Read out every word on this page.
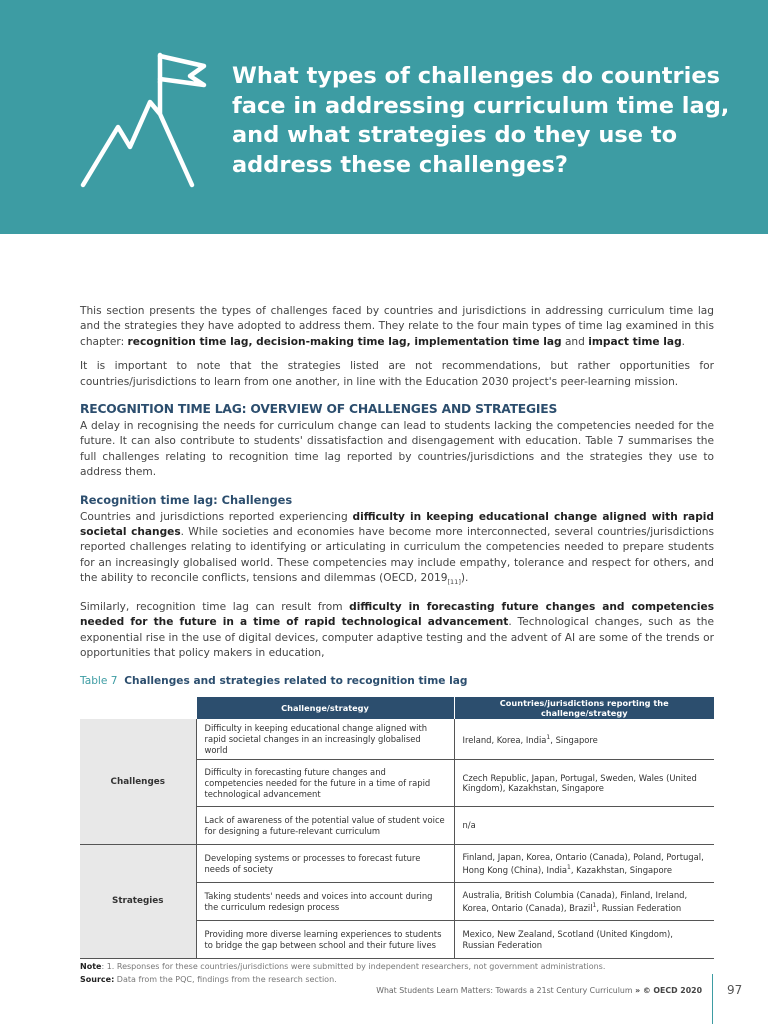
What types of challenges do countries face in addressing curriculum time lag, and what strategies do they use to address these challenges?

This section presents the types of challenges faced by countries and jurisdictions in addressing curriculum time lag and the strategies they have adopted to address them. They relate to the four main types of time lag examined in this chapter: recognition time lag, decision-making time lag, implementation time lag and impact time lag.

It is important to note that the strategies listed are not recommendations, but rather opportunities for countries/jurisdictions to learn from one another, in line with the Education 2030 project's peer-learning mission.

RECOGNITION TIME LAG: OVERVIEW OF CHALLENGES AND STRATEGIES

A delay in recognising the needs for curriculum change can lead to students lacking the competencies needed for the future. It can also contribute to students' dissatisfaction and disengagement with education. Table 7 summarises the full challenges relating to recognition time lag reported by countries/jurisdictions and the strategies they use to address them.

Recognition time lag: Challenges

Countries and jurisdictions reported experiencing difficulty in keeping educational change aligned with rapid societal changes. While societies and economies have become more interconnected, several countries/jurisdictions reported challenges relating to identifying or articulating in curriculum the competencies needed to prepare students for an increasingly globalised world. These competencies may include empathy, tolerance and respect for others, and the ability to reconcile conflicts, tensions and dilemmas (OECD, $2019_{[11]}$).

Similarly, recognition time lag can result from difficulty in forecasting future changes and competencies needed for the future in a time of rapid technological advancement. Technological changes, such as the exponential rise in the use of digital devices, computer adaptive testing and the advent of AI are some of the trends or opportunities that policy makers in education,

Table 7 Challenges and strategies related to recognition time lag

	Challenge/strategy	Countries/jurisdictions reporting the challenge/strategy
Challenges	Difficulty in keeping educational change aligned with rapid societal changes in an increasingly globalised world	Ireland, Korea, India$^1$, Singapore
	Difficulty in forecasting future changes and competencies needed for the future in a time of rapid technological advancement	Czech Republic, Japan, Portugal, Sweden, Wales (United Kingdom), Kazakhstan, Singapore
	Lack of awareness of the potential value of student voice for designing a future-relevant curriculum	n/a
Strategies	Developing systems or processes to forecast future needs of society	Finland, Japan, Korea, Ontario (Canada), Poland, Portugal, Hong Kong (China), India$^1$, Kazakhstan, Singapore
	Taking students' needs and voices into account during the curriculum redesign process	Australia, British Columbia (Canada), Finland, Ireland, Korea, Ontario (Canada), Brazil$^1$, Russian Federation
	Providing more diverse learning experiences to students to bridge the gap between school and their future lives	Mexico, New Zealand, Scotland (United Kingdom), Russian Federation
Note: 1. Responses for these countries/jurisdictions were submitted by independent researchers, not government administrations.
Source: Data from the PQC, findings from the research section.
What Students Learn Matters: Towards a 21st Century Curriculum » © OECD 2020 97
